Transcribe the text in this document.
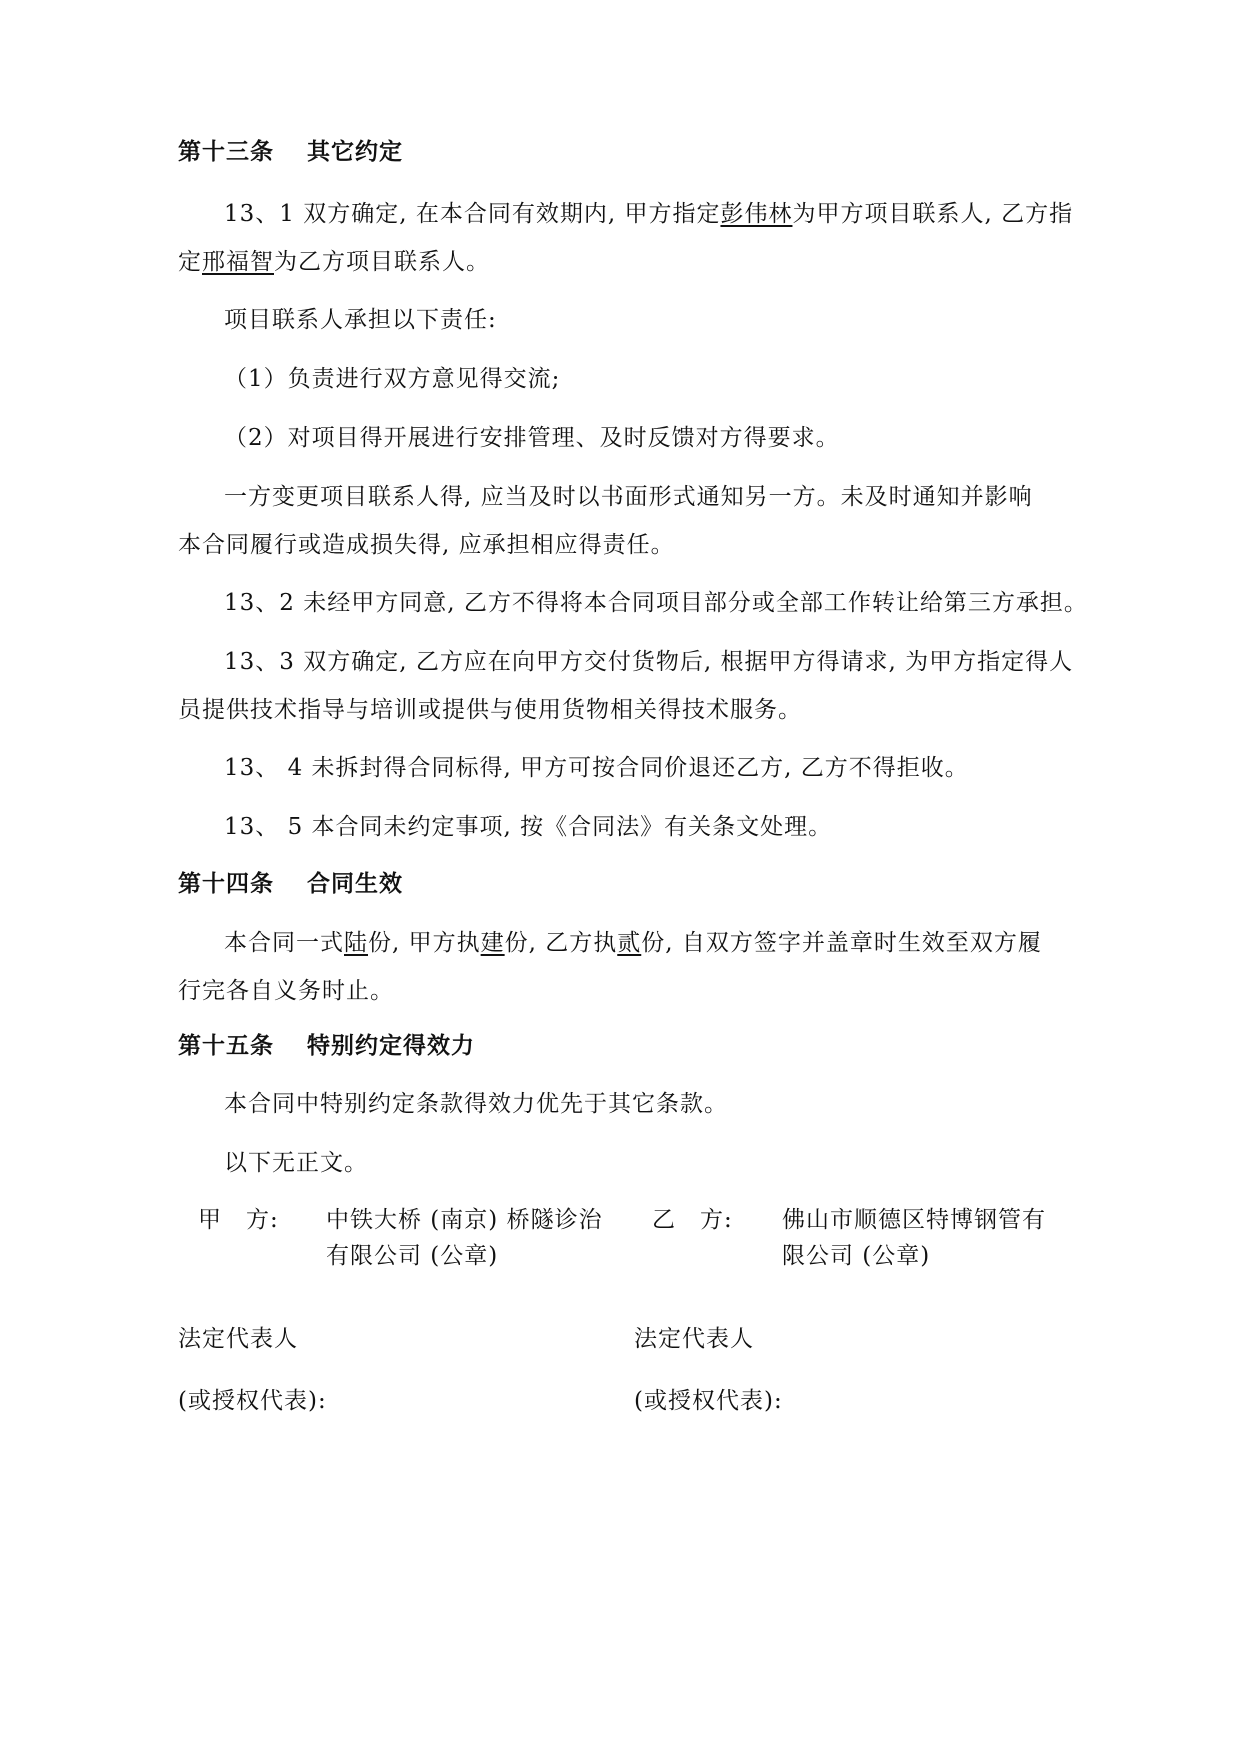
第十三条　 其它约定
13、1 双方确定, 在本合同有效期内, 甲方指定彭伟林为甲方项目联系人, 乙方指
定邢福智为乙方项目联系人。
项目联系人承担以下责任:
（1）负责进行双方意见得交流;
（2）对项目得开展进行安排管理、及时反馈对方得要求。
一方变更项目联系人得, 应当及时以书面形式通知另一方。未及时通知并影响
本合同履行或造成损失得, 应承担相应得责任。
13、2 未经甲方同意, 乙方不得将本合同项目部分或全部工作转让给第三方承担。
13、3 双方确定, 乙方应在向甲方交付货物后, 根据甲方得请求, 为甲方指定得人
员提供技术指导与培训或提供与使用货物相关得技术服务。
13、 4 未拆封得合同标得, 甲方可按合同价退还乙方, 乙方不得拒收。
13、 5 本合同未约定事项, 按《合同法》有关条文处理。
第十四条　 合同生效
本合同一式陆份, 甲方执建份, 乙方执贰份, 自双方签字并盖章时生效至双方履
行完各自义务时止。
第十五条　 特别约定得效力
本合同中特别约定条款得效力优先于其它条款。
以下无正文。
甲　方: 中铁大桥 (南京) 桥隧诊治
有限公司 (公章)
乙　方: 佛山市顺德区特博钢管有
限公司 (公章)
法定代表人	法定代表人
(或授权代表):	(或授权代表):
